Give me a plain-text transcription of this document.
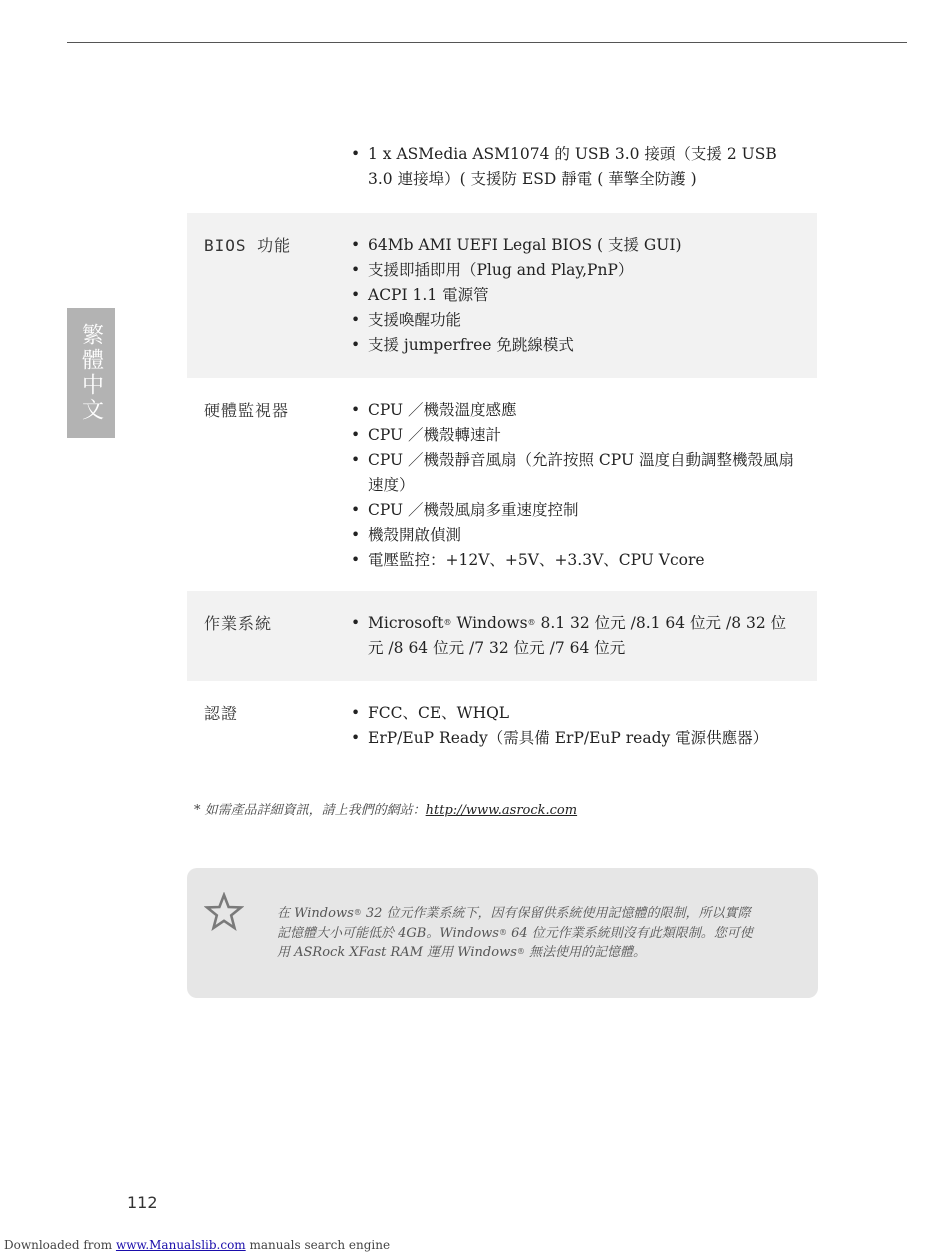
繁體中文
• 1 x ASMedia ASM1074 的 USB 3.0 接頭（支援 2 USB 3.0 連接埠）( 支援防 ESD 靜電 ( 華擎全防護 )
BIOS 功能	• 64Mb AMI UEFI Legal BIOS ( 支援 GUI)
• 支援即插即用（Plug and Play,PnP）
• ACPI 1.1 電源管
• 支援喚醒功能
• 支援 jumperfree 免跳線模式
硬體監視器	• CPU ／機殼溫度感應
• CPU ／機殼轉速計
• CPU ／機殼靜音風扇（允許按照 CPU 溫度自動調整機殼風扇速度）
• CPU ／機殼風扇多重速度控制
• 機殼開啟偵測
• 電壓監控：+12V、+5V、+3.3V、CPU Vcore
作業系統	• Microsoft® Windows® 8.1 32 位元 /8.1 64 位元 /8 32 位元 /8 64 位元 /7 32 位元 /7 64 位元
認證	• FCC、CE、WHQL
• ErP/EuP Ready（需具備 ErP/EuP ready 電源供應器）
* 如需產品詳細資訊，請上我們的網站：http://www.asrock.com
在 Windows® 32 位元作業系統下，因有保留供系統使用記憶體的限制，所以實際記憶體大小可能低於 4GB。Windows® 64 位元作業系統則沒有此類限制。您可使用 ASRock XFast RAM 運用 Windows® 無法使用的記憶體。
112
Downloaded from www.Manualslib.com manuals search engine
